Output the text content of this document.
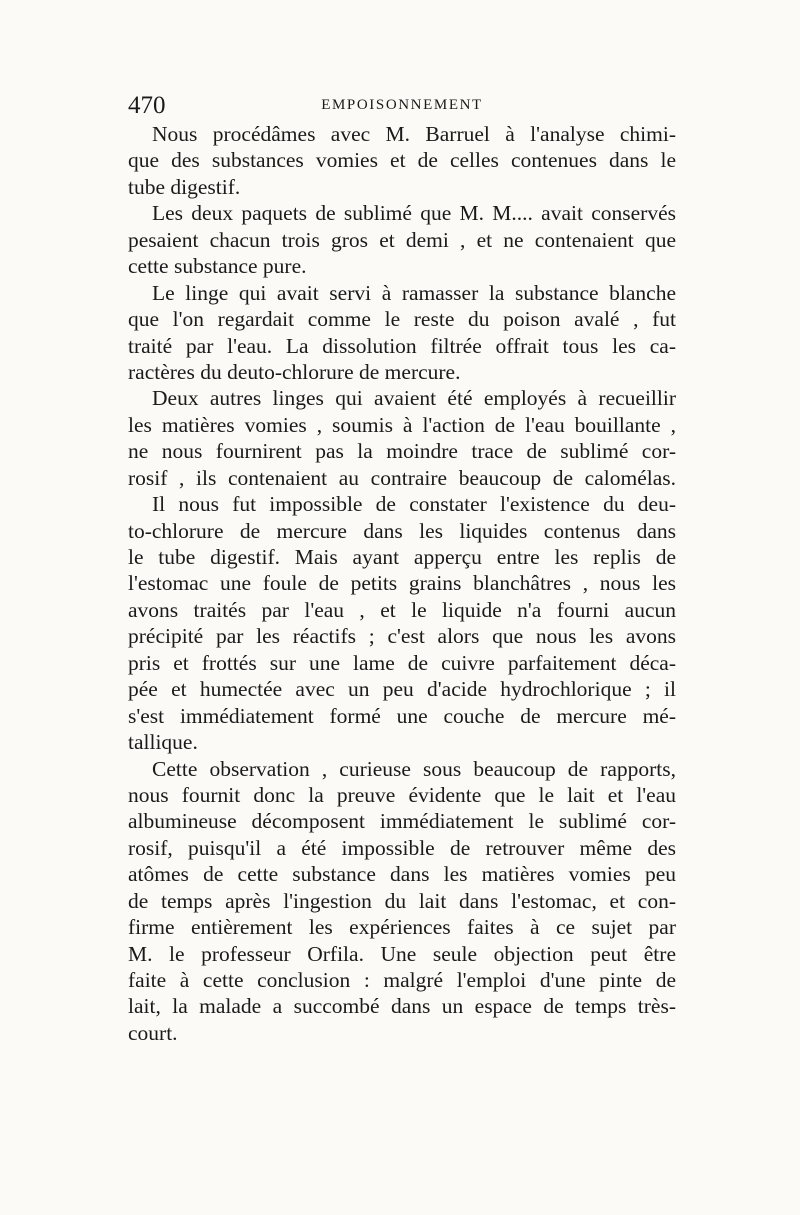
470	EMPOISONNEMENT
Nous procédâmes avec M. Barruel à l'analyse chimi-
que des substances vomies et de celles contenues dans le
tube digestif.
Les deux paquets de sublimé que M. M.... avait conservés
pesaient chacun trois gros et demi , et ne contenaient que
cette substance pure.
Le linge qui avait servi à ramasser la substance blanche
que l'on regardait comme le reste du poison avalé , fut
traité par l'eau. La dissolution filtrée offrait tous les ca-
ractères du deuto-chlorure de mercure.
Deux autres linges qui avaient été employés à recueillir
les matières vomies , soumis à l'action de l'eau bouillante ,
ne nous fournirent pas la moindre trace de sublimé cor-
rosif , ils contenaient au contraire beaucoup de calomélas.
Il nous fut impossible de constater l'existence du deu-
to-chlorure de mercure dans les liquides contenus dans
le tube digestif. Mais ayant apperçu entre les replis de
l'estomac une foule de petits grains blanchâtres , nous les
avons traités par l'eau , et le liquide n'a fourni aucun
précipité par les réactifs ; c'est alors que nous les avons
pris et frottés sur une lame de cuivre parfaitement déca-
pée et humectée avec un peu d'acide hydrochlorique ; il
s'est immédiatement formé une couche de mercure mé-
tallique.
Cette observation , curieuse sous beaucoup de rapports,
nous fournit donc la preuve évidente que le lait et l'eau
albumineuse décomposent immédiatement le sublimé cor-
rosif, puisqu'il a été impossible de retrouver même des
atômes de cette substance dans les matières vomies peu
de temps après l'ingestion du lait dans l'estomac, et con-
firme entièrement les expériences faites à ce sujet par
M. le professeur Orfila. Une seule objection peut être
faite à cette conclusion : malgré l'emploi d'une pinte de
lait, la malade a succombé dans un espace de temps très-
court.
